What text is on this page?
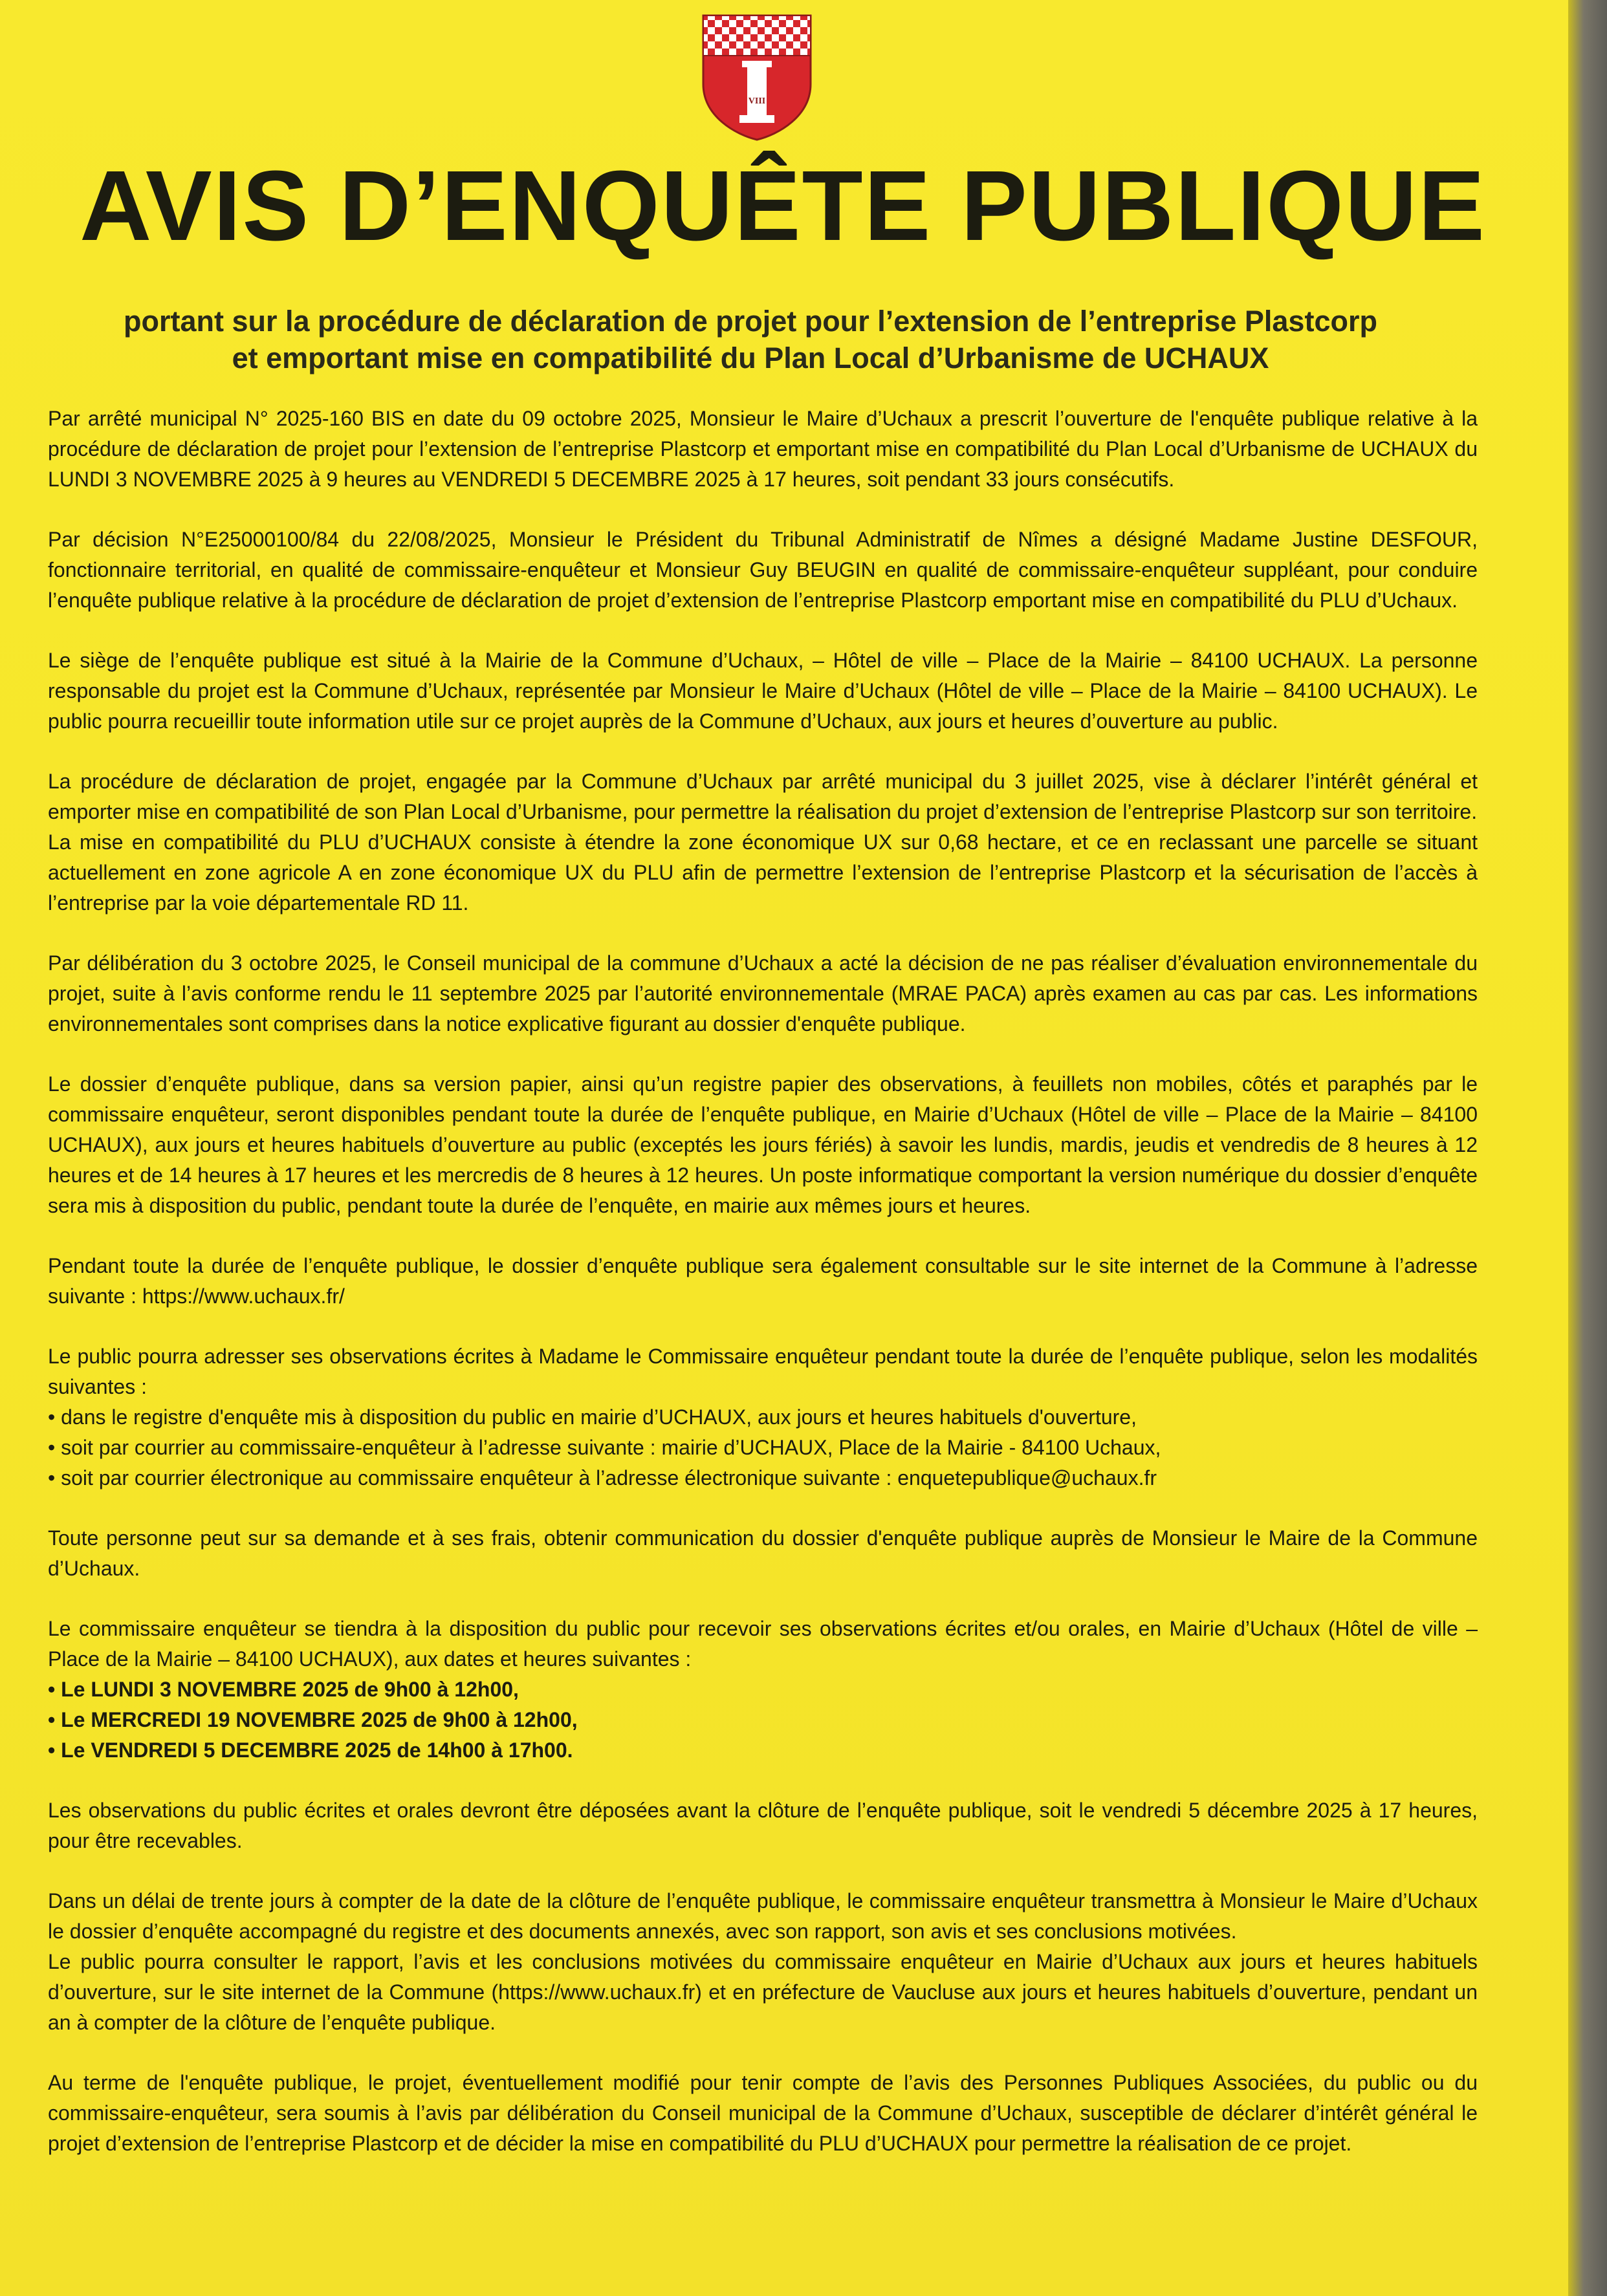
VIII
AVIS D’ENQUÊTE PUBLIQUE
portant sur la procédure de déclaration de projet pour l’extension de l’entreprise Plastcorp
et emportant mise en compatibilité du Plan Local d’Urbanisme de UCHAUX

Par arrêté municipal N° 2025-160 BIS en date du 09 octobre 2025, Monsieur le Maire d’Uchaux a prescrit l’ouverture de l'enquête publique relative à la procédure de déclaration de projet pour l’extension de l’entreprise Plastcorp et emportant mise en compatibilité du Plan Local d’Urbanisme de UCHAUX du LUNDI 3 NOVEMBRE 2025 à 9 heures au VENDREDI 5 DECEMBRE 2025 à 17 heures, soit pendant 33 jours consécutifs.

Par décision N°E25000100/84 du 22/08/2025, Monsieur le Président du Tribunal Administratif de Nîmes a désigné Madame Justine DESFOUR, fonctionnaire territorial, en qualité de commissaire-enquêteur et Monsieur Guy BEUGIN en qualité de commissaire-enquêteur suppléant, pour conduire l’enquête publique relative à la procédure de déclaration de projet d’extension de l’entreprise Plastcorp emportant mise en compatibilité du PLU d’Uchaux.

Le siège de l’enquête publique est situé à la Mairie de la Commune d’Uchaux, – Hôtel de ville – Place de la Mairie – 84100 UCHAUX. La personne responsable du projet est la Commune d’Uchaux, représentée par Monsieur le Maire d’Uchaux (Hôtel de ville – Place de la Mairie – 84100 UCHAUX). Le public pourra recueillir toute information utile sur ce projet auprès de la Commune d’Uchaux, aux jours et heures d’ouverture au public.

La procédure de déclaration de projet, engagée par la Commune d’Uchaux par arrêté municipal du 3 juillet 2025, vise à déclarer l’intérêt général et emporter mise en compatibilité de son Plan Local d’Urbanisme, pour permettre la réalisation du projet d’extension de l’entreprise Plastcorp sur son territoire.

La mise en compatibilité du PLU d’UCHAUX consiste à étendre la zone économique UX sur 0,68 hectare, et ce en reclassant une parcelle se situant actuellement en zone agricole A en zone économique UX du PLU afin de permettre l’extension de l’entreprise Plastcorp et la sécurisation de l’accès à l’entreprise par la voie départementale RD 11.

Par délibération du 3 octobre 2025, le Conseil municipal de la commune d’Uchaux a acté la décision de ne pas réaliser d’évaluation environnementale du projet, suite à l’avis conforme rendu le 11 septembre 2025 par l’autorité environnementale (MRAE PACA) après examen au cas par cas. Les informations environnementales sont comprises dans la notice explicative figurant au dossier d'enquête publique.

Le dossier d’enquête publique, dans sa version papier, ainsi qu’un registre papier des observations, à feuillets non mobiles, côtés et paraphés par le commissaire enquêteur, seront disponibles pendant toute la durée de l’enquête publique, en Mairie d’Uchaux (Hôtel de ville – Place de la Mairie – 84100 UCHAUX), aux jours et heures habituels d’ouverture au public (exceptés les jours fériés) à savoir les lundis, mardis, jeudis et vendredis de 8 heures à 12 heures et de 14 heures à 17 heures et les mercredis de 8 heures à 12 heures. Un poste informatique comportant la version numérique du dossier d’enquête sera mis à disposition du public, pendant toute la durée de l’enquête, en mairie aux mêmes jours et heures.

Pendant toute la durée de l’enquête publique, le dossier d’enquête publique sera également consultable sur le site internet de la Commune à l’adresse suivante : https://www.uchaux.fr/

Le public pourra adresser ses observations écrites à Madame le Commissaire enquêteur pendant toute la durée de l’enquête publique, selon les modalités suivantes :

• dans le registre d'enquête mis à disposition du public en mairie d’UCHAUX, aux jours et heures habituels d'ouverture,
• soit par courrier au commissaire-enquêteur à l’adresse suivante : mairie d’UCHAUX, Place de la Mairie - 84100 Uchaux,
• soit par courrier électronique au commissaire enquêteur à l’adresse électronique suivante : enquetepublique@uchaux.fr

Toute personne peut sur sa demande et à ses frais, obtenir communication du dossier d'enquête publique auprès de Monsieur le Maire de la Commune d’Uchaux.

Le commissaire enquêteur se tiendra à la disposition du public pour recevoir ses observations écrites et/ou orales, en Mairie d’Uchaux (Hôtel de ville – Place de la Mairie – 84100 UCHAUX), aux dates et heures suivantes :

• Le LUNDI 3 NOVEMBRE 2025 de 9h00 à 12h00,
• Le MERCREDI 19 NOVEMBRE 2025 de 9h00 à 12h00,
• Le VENDREDI 5 DECEMBRE 2025 de 14h00 à 17h00.

Les observations du public écrites et orales devront être déposées avant la clôture de l’enquête publique, soit le vendredi 5 décembre 2025 à 17 heures, pour être recevables.

Dans un délai de trente jours à compter de la date de la clôture de l’enquête publique, le commissaire enquêteur transmettra à Monsieur le Maire d’Uchaux le dossier d’enquête accompagné du registre et des documents annexés, avec son rapport, son avis et ses conclusions motivées.

Le public pourra consulter le rapport, l’avis et les conclusions motivées du commissaire enquêteur en Mairie d’Uchaux aux jours et heures habituels d’ouverture, sur le site internet de la Commune (https://www.uchaux.fr) et en préfecture de Vaucluse aux jours et heures habituels d’ouverture, pendant un an à compter de la clôture de l’enquête publique.

Au terme de l'enquête publique, le projet, éventuellement modifié pour tenir compte de l’avis des Personnes Publiques Associées, du public ou du commissaire-enquêteur, sera soumis à l’avis par délibération du Conseil municipal de la Commune d’Uchaux, susceptible de déclarer d’intérêt général le projet d’extension de l’entreprise Plastcorp et de décider la mise en compatibilité du PLU d’UCHAUX pour permettre la réalisation de ce projet.
